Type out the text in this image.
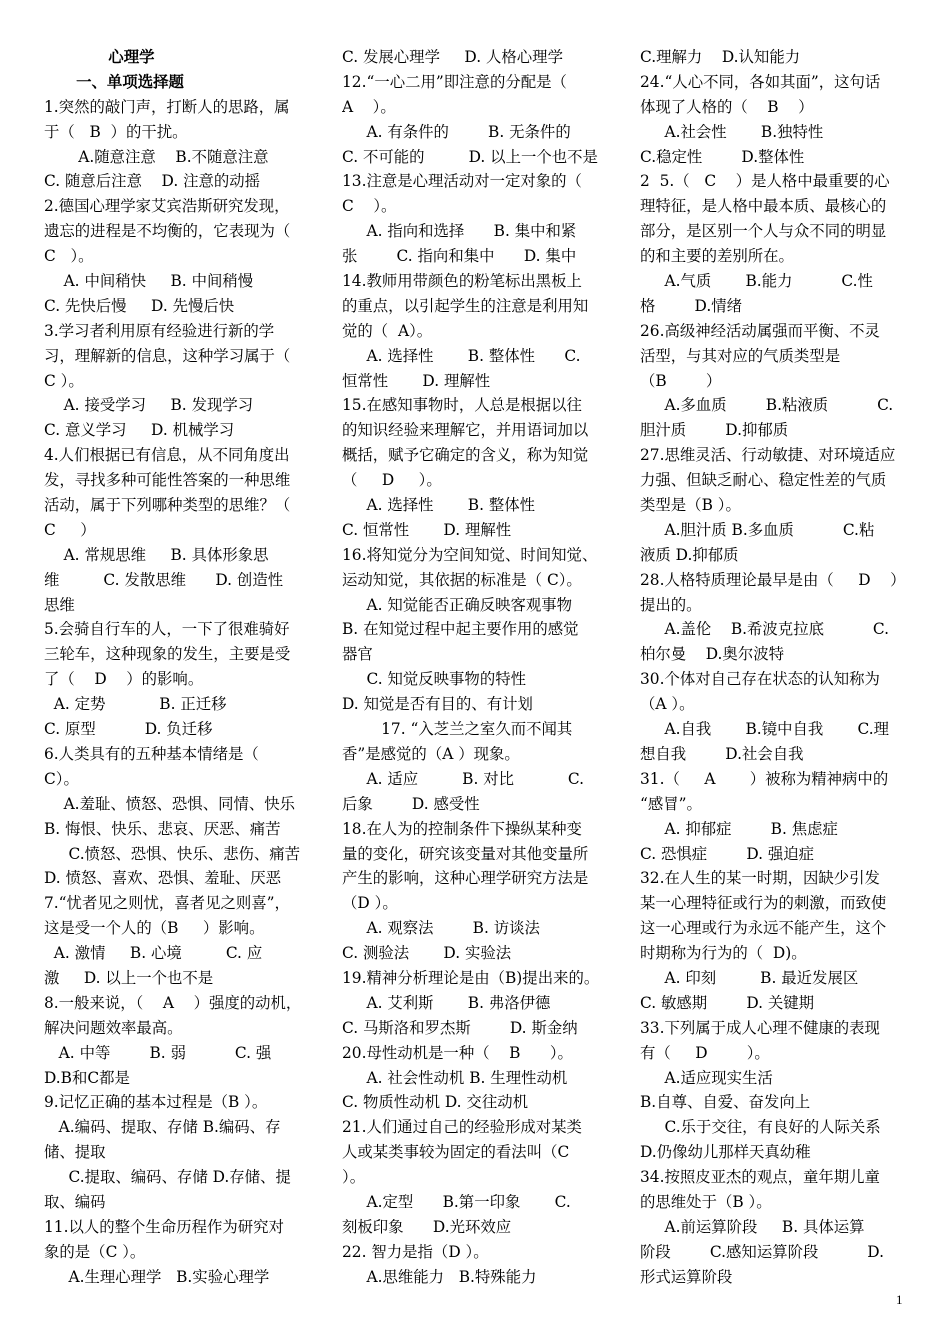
心理学
一、单项选择题
1.突然的敲门声，打断人的思路，属
于（   B  ）的干扰。
A.随意注意    B.不随意注意
C. 随意后注意    D. 注意的动摇
2.德国心理学家艾宾浩斯研究发现，
遗忘的进程是不均衡的，它表现为（
C   ）。
A. 中间稍快     B. 中间稍慢
C. 先快后慢     D. 先慢后快
3.学习者利用原有经验进行新的学
习，理解新的信息，这种学习属于（
C ）。
A. 接受学习     B. 发现学习
C. 意义学习     D. 机械学习
4.人们根据已有信息，从不同角度出
发，寻找多种可能性答案的一种思维
活动，属于下列哪种类型的思维？（
C     ）
A. 常规思维     B. 具体形象思
维         C. 发散思维      D. 创造性
思维
5.会骑自行车的人，一下了很难骑好
三轮车，这种现象的发生，主要是受
了（    D    ）的影响。
A. 定势           B. 正迁移
C. 原型          D. 负迁移
6.人类具有的五种基本情绪是（
C）。
A.羞耻、愤怒、恐惧、同情、快乐
B. 悔恨、快乐、悲哀、厌恶、痛苦
C.愤怒、恐惧、快乐、悲伤、痛苦
D. 愤怒、喜欢、恐惧、羞耻、厌恶
7.“忧者见之则忧，喜者见之则喜”，
这是受一个人的（B     ）影响。
A. 激情     B. 心境         C. 应
激     D. 以上一个也不是
8.一般来说，（    A    ）强度的动机，
解决问题效率最高。
A. 中等        B. 弱          C. 强
D.B和C都是
9.记忆正确的基本过程是（B ）。
A.编码、提取、存储 B.编码、存
储、提取
C.提取、编码、存储 D.存储、提
取、编码
11.以人的整个生命历程作为研究对
象的是（C ）。
A.生理心理学   B.实验心理学
C. 发展心理学     D. 人格心理学
12.“一心二用”即注意的分配是（
A    ）。
A. 有条件的        B. 无条件的
C. 不可能的         D. 以上一个也不是
13.注意是心理活动对一定对象的（
C    ）。
A. 指向和选择      B. 集中和紧
张        C. 指向和集中      D. 集中
14.教师用带颜色的粉笔标出黑板上
的重点，以引起学生的注意是利用知
觉的（  A）。
A. 选择性       B. 整体性      C.
恒常性       D. 理解性
15.在感知事物时，人总是根据以往
的知识经验来理解它，并用语词加以
概括，赋予它确定的含义，称为知觉
（     D     ）。
A. 选择性       B. 整体性
C. 恒常性       D. 理解性
16.将知觉分为空间知觉、时间知觉、
运动知觉，其依据的标准是（ C）。
A. 知觉能否正确反映客观事物
B. 在知觉过程中起主要作用的感觉
器官
C. 知觉反映事物的特性
D. 知觉是否有目的、有计划
17. “入芝兰之室久而不闻其
香”是感觉的（A ）现象。
A. 适应         B. 对比           C.
后象        D. 感受性
18.在人为的控制条件下操纵某种变
量的变化，研究该变量对其他变量所
产生的影响，这种心理学研究方法是
（D ）。
A. 观察法        B. 访谈法
C. 测验法       D. 实验法
19.精神分析理论是由（B)提出来的。
A. 艾利斯       B. 弗洛伊德
C. 马斯洛和罗杰斯        D. 斯金纳
20.母性动机是一种（    B      ）。
A. 社会性动机 B. 生理性动机
C. 物质性动机 D. 交往动机
21.人们通过自己的经验形成对某类
人或某类事较为固定的看法叫（C
）。
A.定型      B.第一印象       C.
刻板印象      D.光环效应
22. 智力是指（D ）。
A.思维能力   B.特殊能力
C.理解力    D.认知能力
24.“人心不同，各如其面”，这句话
体现了人格的（    B    ）
A.社会性       B.独特性
C.稳定性        D.整体性
2  5.（   C    ）是人格中最重要的心
理特征，是人格中最本质、最核心的
部分，是区别一个人与众不同的明显
的和主要的差别所在。
A.气质       B.能力          C.性
格        D.情绪
26.高级神经活动属强而平衡、不灵
活型，与其对应的气质类型是
（B        ）
A.多血质        B.粘液质          C.
胆汁质        D.抑郁质
27.思维灵活、行动敏捷、对环境适应
力强、但缺乏耐心、稳定性差的气质
类型是（B ）。
A.胆汁质 B.多血质          C.粘
液质 D.抑郁质
28.人格特质理论最早是由（     D    ）
提出的。
A.盖伦    B.希波克拉底          C.
柏尔曼    D.奥尔波特
30.个体对自己存在状态的认知称为
（A ）。
A.自我       B.镜中自我       C.理
想自我        D.社会自我
31.（     A       ）被称为精神病中的
“感冒”。
A. 抑郁症        B. 焦虑症
C. 恐惧症        D. 强迫症
32.在人生的某一时期，因缺少引发
某一心理特征或行为的刺激，而致使
这一心理或行为永远不能产生，这个
时期称为行为的（  D)。
A. 印刻         B. 最近发展区
C. 敏感期        D. 关键期
33.下列属于成人心理不健康的表现
有（     D        ）。
A.适应现实生活
B.自尊、自爱、奋发向上
C.乐于交往，有良好的人际关系
D.仍像幼儿那样天真幼稚
34.按照皮亚杰的观点，童年期儿童
的思维处于（B ）。
A.前运算阶段     B. 具体运算
阶段        C.感知运算阶段          D.
形式运算阶段
1
